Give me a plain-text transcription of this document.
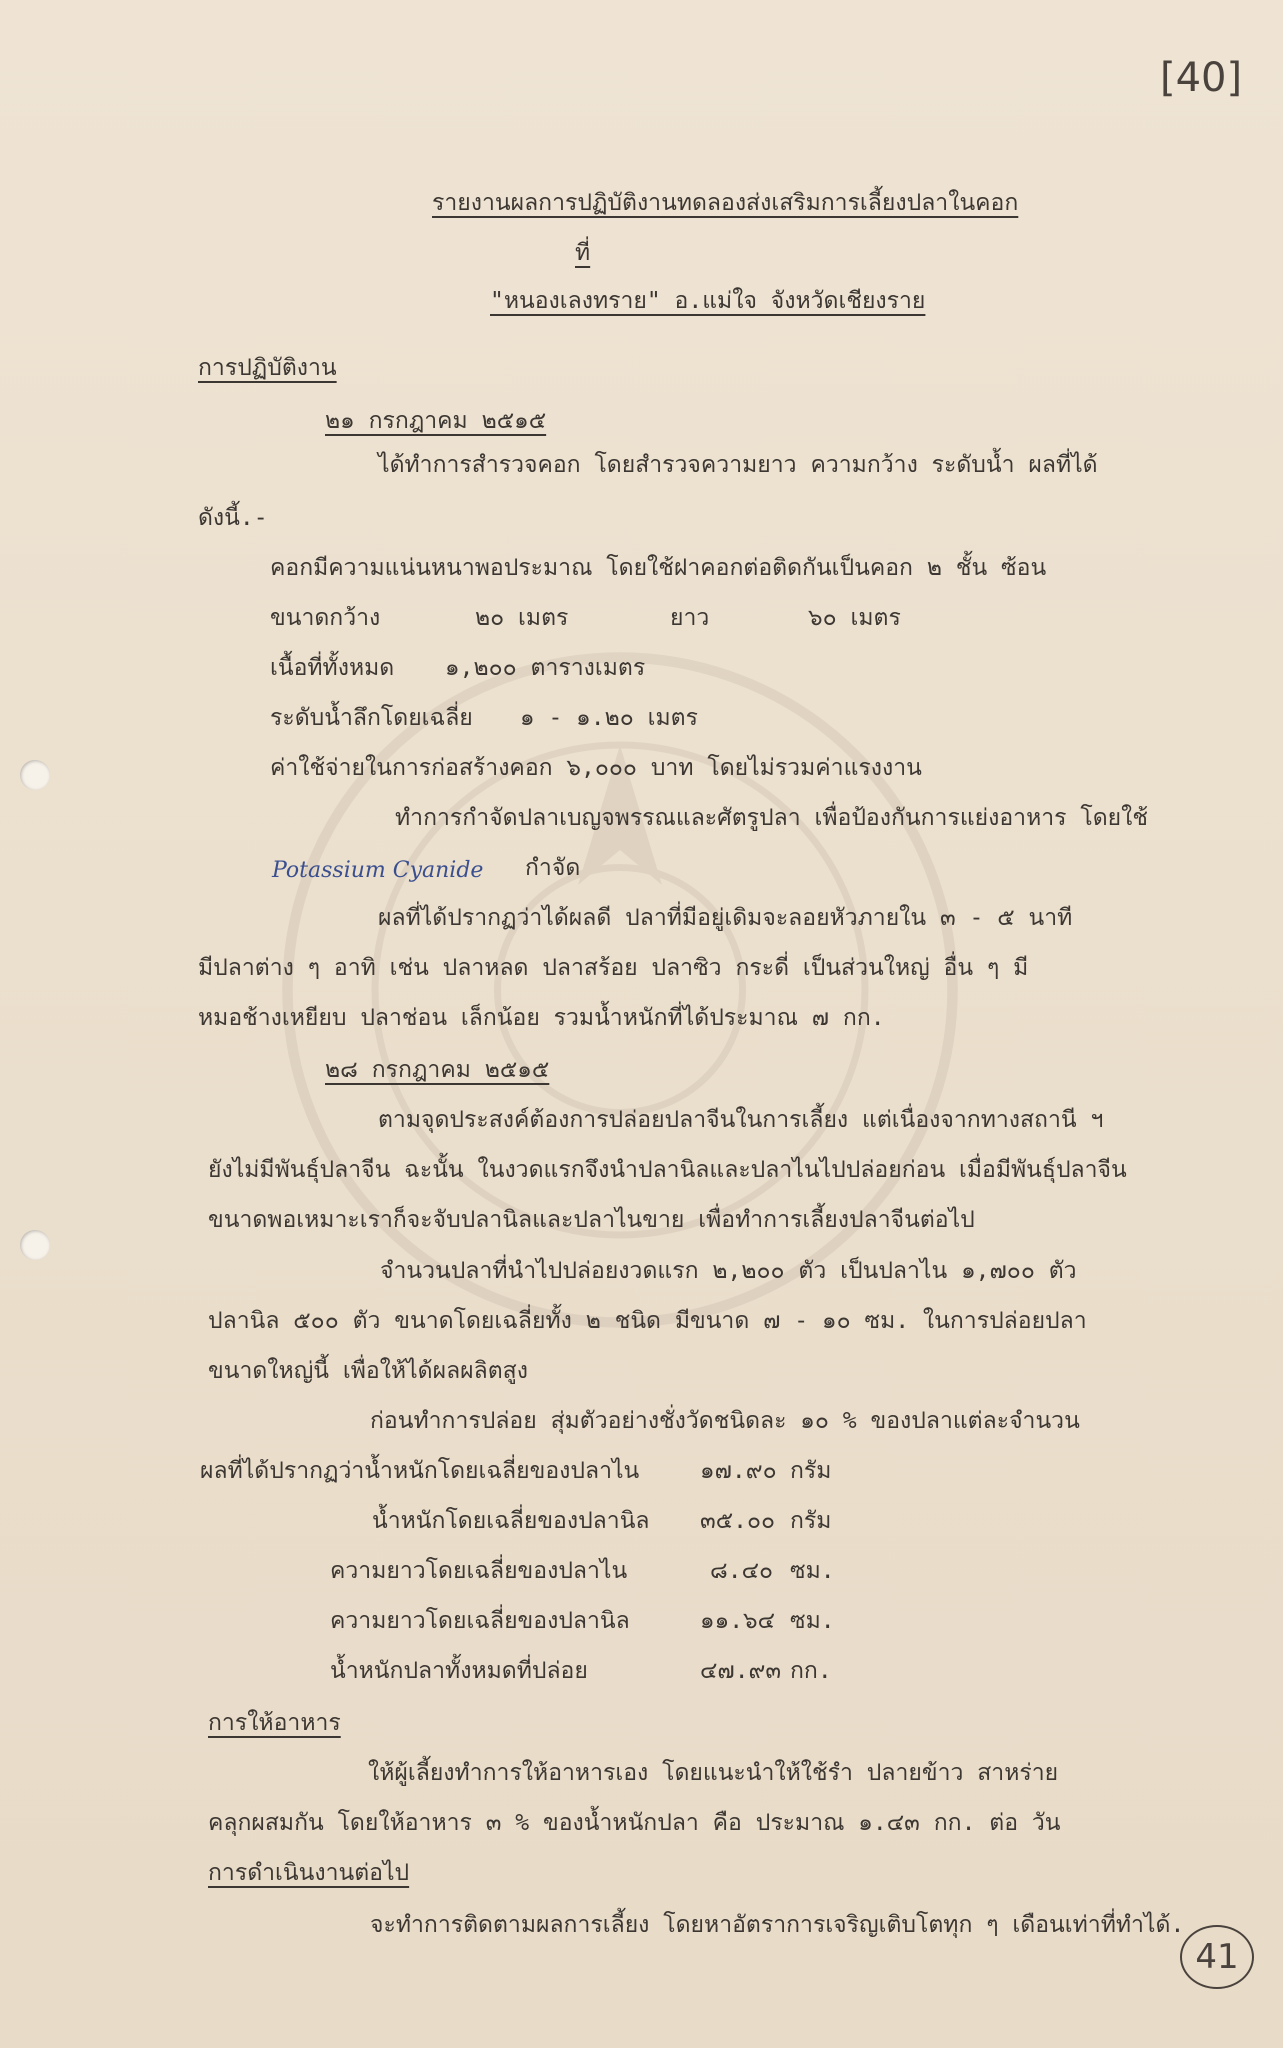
[40]
41
รายงานผลการปฏิบัติงานทดลองส่งเสริมการเลี้ยงปลาในคอก
ที่
"หนองเลงทราย" อ.แม่ใจ จังหวัดเชียงราย
การปฏิบัติงาน
๒๑ กรกฎาคม ๒๕๑๕
ได้ทำการสำรวจคอก โดยสำรวจความยาว ความกว้าง ระดับน้ำ ผลที่ได้
ดังนี้.-
คอกมีความแน่นหนาพอประมาณ โดยใช้ฝาคอกต่อติดกันเป็นคอก ๒ ชั้น ซ้อน
ขนาดกว้าง	๒๐ เมตร	ยาว	๖๐ เมตร
เนื้อที่ทั้งหมด ๑,๒๐๐ ตารางเมตร
ระดับน้ำลึกโดยเฉลี่ย ๑ - ๑.๒๐ เมตร
ค่าใช้จ่ายในการก่อสร้างคอก ๖,๐๐๐ บาท โดยไม่รวมค่าแรงงาน
ทำการกำจัดปลาเบญจพรรณและศัตรูปลา เพื่อป้องกันการแย่งอาหาร โดยใช้
Potassium Cyanide กำจัด
ผลที่ได้ปรากฏว่าได้ผลดี ปลาที่มีอยู่เดิมจะลอยหัวภายใน ๓ - ๕ นาที
มีปลาต่าง ๆ อาทิ เช่น ปลาหลด ปลาสร้อย ปลาซิว กระดี่ เป็นส่วนใหญ่ อื่น ๆ มี
หมอช้างเหยียบ ปลาช่อน เล็กน้อย รวมน้ำหนักที่ได้ประมาณ ๗ กก.
๒๘ กรกฎาคม ๒๕๑๕
ตามจุดประสงค์ต้องการปล่อยปลาจีนในการเลี้ยง แต่เนื่องจากทางสถานี ฯ
ยังไม่มีพันธุ์ปลาจีน ฉะนั้น ในงวดแรกจึงนำปลานิลและปลาไนไปปล่อยก่อน เมื่อมีพันธุ์ปลาจีน
ขนาดพอเหมาะเราก็จะจับปลานิลและปลาไนขาย เพื่อทำการเลี้ยงปลาจีนต่อไป
จำนวนปลาที่นำไปปล่อยงวดแรก ๒,๒๐๐ ตัว เป็นปลาไน ๑,๗๐๐ ตัว
ปลานิล ๕๐๐ ตัว ขนาดโดยเฉลี่ยทั้ง ๒ ชนิด มีขนาด ๗ - ๑๐ ซม. ในการปล่อยปลา
ขนาดใหญ่นี้ เพื่อให้ได้ผลผลิตสูง
ก่อนทำการปล่อย สุ่มตัวอย่างชั่งวัดชนิดละ ๑๐ % ของปลาแต่ละจำนวน
ผลที่ได้ปรากฏว่าน้ำหนักโดยเฉลี่ยของปลาไน	๑๗.๙๐ กรัม
น้ำหนักโดยเฉลี่ยของปลานิล ๓๕.๐๐ กรัม
ความยาวโดยเฉลี่ยของปลาไน	๘.๔๐ ซม.
ความยาวโดยเฉลี่ยของปลานิล	๑๑.๖๔ ซม.
น้ำหนักปลาทั้งหมดที่ปล่อย	๔๗.๙๓ กก.
การให้อาหาร
ให้ผู้เลี้ยงทำการให้อาหารเอง โดยแนะนำให้ใช้รำ ปลายข้าว สาหร่าย
คลุกผสมกัน โดยให้อาหาร ๓ % ของน้ำหนักปลา คือ ประมาณ ๑.๔๓ กก. ต่อ วัน
การดำเนินงานต่อไป
จะทำการติดตามผลการเลี้ยง โดยหาอัตราการเจริญเติบโตทุก ๆ เดือนเท่าที่ทำได้.
